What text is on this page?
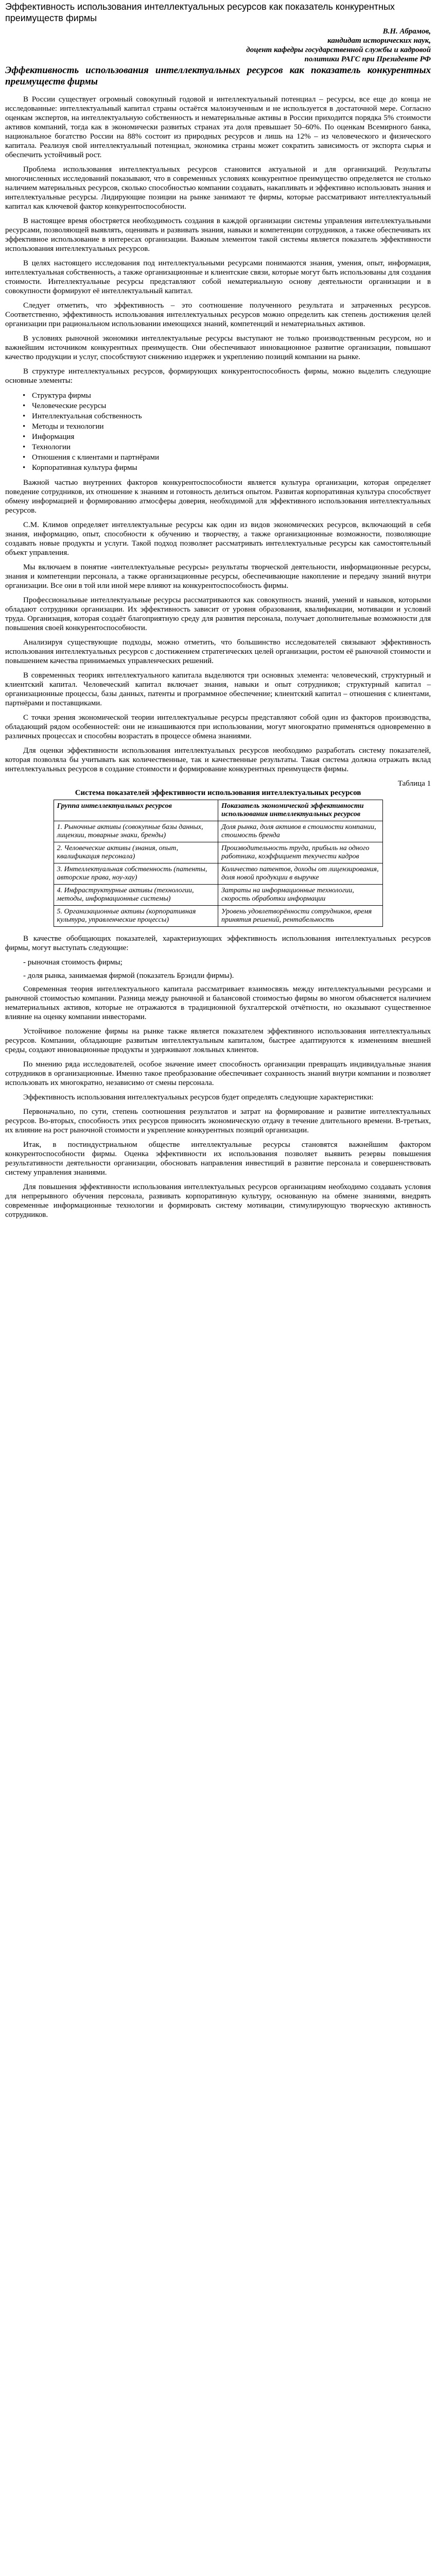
Эффективность использования интеллектуальных ресурсов как показатель конкурентных преимуществ фирмы
В.Н. Абрамов,
кандидат исторических наук,
доцент кафедры государственной службы и кадровой
политики РАГС при Президенте РФ
Эффективность использования интеллектуальных ресурсов как показатель конкурентных преимуществ фирмы

В России существует огромный совокупный годовой и интеллектуальный потенциал – ресурсы, все еще до конца не исследованные: интеллектуальный капитал страны остаётся малоизученным и не используется в достаточной мере. Согласно оценкам экспертов, на интеллектуальную собственность и нематериальные активы в России приходится порядка 5% стоимости активов компаний, тогда как в экономически развитых странах эта доля превышает 50–60%. По оценкам Всемирного банка, национальное богатство России на 88% состоит из природных ресурсов и лишь на 12% – из человеческого и физического капитала. Реализуя свой интеллектуальный потенциал, экономика страны может сократить зависимость от экспорта сырья и обеспечить устойчивый рост.

Проблема использования интеллектуальных ресурсов становится актуальной и для организаций. Результаты многочисленных исследований показывают, что в современных условиях конкурентное преимущество определяется не столько наличием материальных ресурсов, сколько способностью компании создавать, накапливать и эффективно использовать знания и интеллектуальные ресурсы. Лидирующие позиции на рынке занимают те фирмы, которые рассматривают интеллектуальный капитал как ключевой фактор конкурентоспособности.

В настоящее время обостряется необходимость создания в каждой организации системы управления интеллектуальными ресурсами, позволяющей выявлять, оценивать и развивать знания, навыки и компетенции сотрудников, а также обеспечивать их эффективное использование в интересах организации. Важным элементом такой системы является показатель эффективности использования интеллектуальных ресурсов.

В целях настоящего исследования под интеллектуальными ресурсами понимаются знания, умения, опыт, информация, интеллектуальная собственность, а также организационные и клиентские связи, которые могут быть использованы для создания стоимости. Интеллектуальные ресурсы представляют собой нематериальную основу деятельности организации и в совокупности формируют её интеллектуальный капитал.

Следует отметить, что эффективность – это соотношение полученного результата и затраченных ресурсов. Соответственно, эффективность использования интеллектуальных ресурсов можно определить как степень достижения целей организации при рациональном использовании имеющихся знаний, компетенций и нематериальных активов.

В условиях рыночной экономики интеллектуальные ресурсы выступают не только производственным ресурсом, но и важнейшим источником конкурентных преимуществ. Они обеспечивают инновационное развитие организации, повышают качество продукции и услуг, способствуют снижению издержек и укреплению позиций компании на рынке.

В структуре интеллектуальных ресурсов, формирующих конкурентоспособность фирмы, можно выделить следующие основные элементы:

• Структура фирмы
• Человеческие ресурсы
• Интеллектуальная собственность
• Методы и технологии
• Информация
• Технологии
• Отношения с клиентами и партнёрами
• Корпоративная культура фирмы

Важной частью внутренних факторов конкурентоспособности является культура организации, которая определяет поведение сотрудников, их отношение к знаниям и готовность делиться опытом. Развитая корпоративная культура способствует обмену информацией и формированию атмосферы доверия, необходимой для эффективного использования интеллектуальных ресурсов.

С.М. Климов определяет интеллектуальные ресурсы как один из видов экономических ресурсов, включающий в себя знания, информацию, опыт, способности к обучению и творчеству, а также организационные возможности, позволяющие создавать новые продукты и услуги. Такой подход позволяет рассматривать интеллектуальные ресурсы как самостоятельный объект управления.

Мы включаем в понятие «интеллектуальные ресурсы» результаты творческой деятельности, информационные ресурсы, знания и компетенции персонала, а также организационные ресурсы, обеспечивающие накопление и передачу знаний внутри организации. Все они в той или иной мере влияют на конкурентоспособность фирмы.

Профессиональные интеллектуальные ресурсы рассматриваются как совокупность знаний, умений и навыков, которыми обладают сотрудники организации. Их эффективность зависит от уровня образования, квалификации, мотивации и условий труда. Организация, которая создаёт благоприятную среду для развития персонала, получает дополнительные возможности для повышения своей конкурентоспособности.

Анализируя существующие подходы, можно отметить, что большинство исследователей связывают эффективность использования интеллектуальных ресурсов с достижением стратегических целей организации, ростом её рыночной стоимости и повышением качества принимаемых управленческих решений.

В современных теориях интеллектуального капитала выделяются три основных элемента: человеческий, структурный и клиентский капитал. Человеческий капитал включает знания, навыки и опыт сотрудников; структурный капитал – организационные процессы, базы данных, патенты и программное обеспечение; клиентский капитал – отношения с клиентами, партнёрами и поставщиками.

С точки зрения экономической теории интеллектуальные ресурсы представляют собой один из факторов производства, обладающий рядом особенностей: они не изнашиваются при использовании, могут многократно применяться одновременно в различных процессах и способны возрастать в процессе обмена знаниями.

Для оценки эффективности использования интеллектуальных ресурсов необходимо разработать систему показателей, которая позволяла бы учитывать как количественные, так и качественные результаты. Такая система должна отражать вклад интеллектуальных ресурсов в создание стоимости и формирование конкурентных преимуществ фирмы.

Таблица 1
Система показателей эффективности использования интеллектуальных ресурсов
Группа интеллектуальных ресурсов	Показатель экономической эффективности использования интеллектуальных ресурсов
1. Рыночные активы (совокупные базы данных, лицензии, товарные знаки, бренды)	Доля рынка, доля активов в стоимости компании, стоимость бренда
2. Человеческие активы (знания, опыт, квалификация персонала)	Производительность труда, прибыль на одного работника, коэффициент текучести кадров
3. Интеллектуальная собственность (патенты, авторские права, ноу-хау)	Количество патентов, доходы от лицензирования, доля новой продукции в выручке
4. Инфраструктурные активы (технологии, методы, информационные системы)	Затраты на информационные технологии, скорость обработки информации
5. Организационные активы (корпоративная культура, управленческие процессы)	Уровень удовлетворённости сотрудников, время принятия решений, рентабельность

В качестве обобщающих показателей, характеризующих эффективность использования интеллектуальных ресурсов фирмы, могут выступать следующие:

- рыночная стоимость фирмы;
- доля рынка, занимаемая фирмой (показатель Брэндли фирмы).

Современная теория интеллектуального капитала рассматривает взаимосвязь между интеллектуальными ресурсами и рыночной стоимостью компании. Разница между рыночной и балансовой стоимостью фирмы во многом объясняется наличием нематериальных активов, которые не отражаются в традиционной бухгалтерской отчётности, но оказывают существенное влияние на оценку компании инвесторами.

Устойчивое положение фирмы на рынке также является показателем эффективного использования интеллектуальных ресурсов. Компании, обладающие развитым интеллектуальным капиталом, быстрее адаптируются к изменениям внешней среды, создают инновационные продукты и удерживают лояльных клиентов.

По мнению ряда исследователей, особое значение имеет способность организации превращать индивидуальные знания сотрудников в организационные. Именно такое преобразование обеспечивает сохранность знаний внутри компании и позволяет использовать их многократно, независимо от смены персонала.

Эффективность использования интеллектуальных ресурсов будет определять следующие характеристики:

Первоначально, по сути, степень соотношения результатов и затрат на формирование и развитие интеллектуальных ресурсов. Во-вторых, способность этих ресурсов приносить экономическую отдачу в течение длительного времени. В-третьих, их влияние на рост рыночной стоимости и укрепление конкурентных позиций организации.

Итак, в постиндустриальном обществе интеллектуальные ресурсы становятся важнейшим фактором конкурентоспособности фирмы. Оценка эффективности их использования позволяет выявить резервы повышения результативности деятельности организации, обосновать направления инвестиций в развитие персонала и совершенствовать систему управления знаниями.

Для повышения эффективности использования интеллектуальных ресурсов организациям необходимо создавать условия для непрерывного обучения персонала, развивать корпоративную культуру, основанную на обмене знаниями, внедрять современные информационные технологии и формировать систему мотивации, стимулирующую творческую активность сотрудников.
